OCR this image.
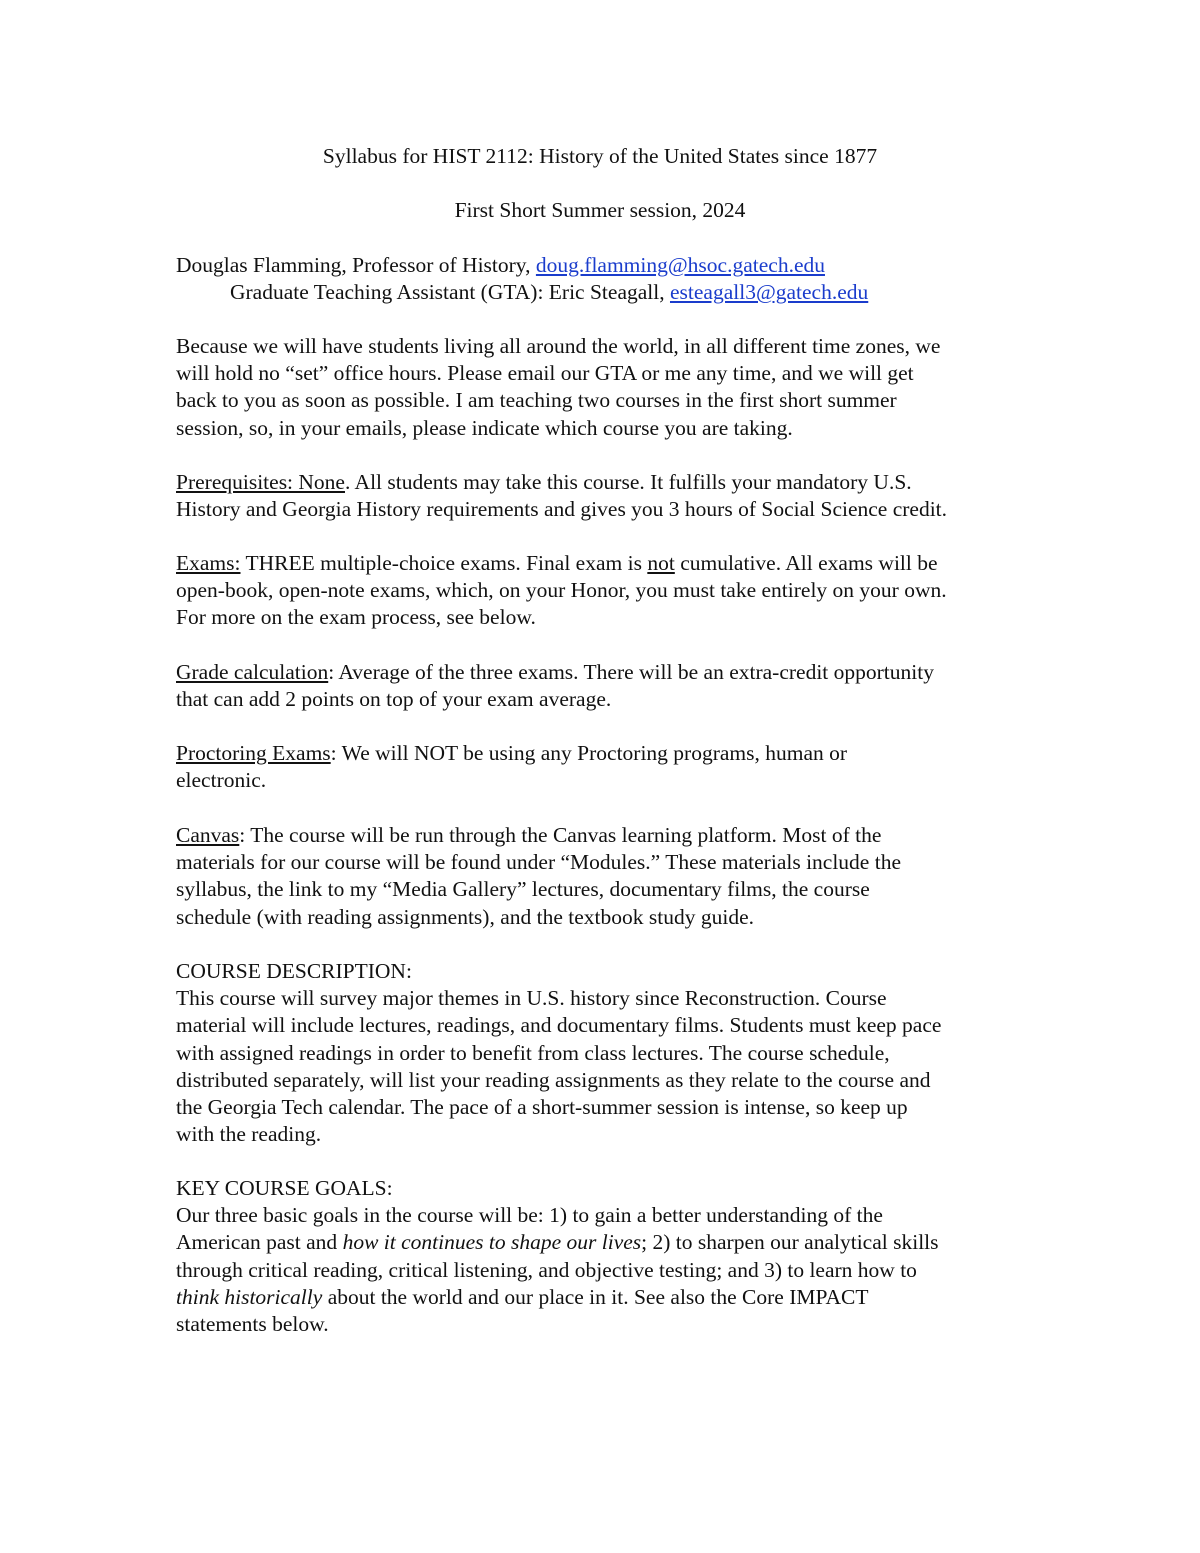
Syllabus for HIST 2112: History of the United States since 1877
First Short Summer session, 2024
Douglas Flamming, Professor of History, doug.flamming@hsoc.gatech.edu
Graduate Teaching Assistant (GTA): Eric Steagall, esteagall3@gatech.edu
Because we will have students living all around the world, in all different time zones, we
will hold no “set” office hours. Please email our GTA or me any time, and we will get
back to you as soon as possible. I am teaching two courses in the first short summer
session, so, in your emails, please indicate which course you are taking.
Prerequisites: None. All students may take this course. It fulfills your mandatory U.S.
History and Georgia History requirements and gives you 3 hours of Social Science credit.
Exams: THREE multiple-choice exams. Final exam is not cumulative. All exams will be
open-book, open-note exams, which, on your Honor, you must take entirely on your own.
For more on the exam process, see below.
Grade calculation: Average of the three exams. There will be an extra-credit opportunity
that can add 2 points on top of your exam average.
Proctoring Exams: We will NOT be using any Proctoring programs, human or
electronic.
Canvas: The course will be run through the Canvas learning platform. Most of the
materials for our course will be found under “Modules.” These materials include the
syllabus, the link to my “Media Gallery” lectures, documentary films, the course
schedule (with reading assignments), and the textbook study guide.
COURSE DESCRIPTION:
This course will survey major themes in U.S. history since Reconstruction. Course
material will include lectures, readings, and documentary films. Students must keep pace
with assigned readings in order to benefit from class lectures. The course schedule,
distributed separately, will list your reading assignments as they relate to the course and
the Georgia Tech calendar. The pace of a short-summer session is intense, so keep up
with the reading.
KEY COURSE GOALS:
Our three basic goals in the course will be: 1) to gain a better understanding of the
American past and how it continues to shape our lives; 2) to sharpen our analytical skills
through critical reading, critical listening, and objective testing; and 3) to learn how to
think historically about the world and our place in it. See also the Core IMPACT
statements below.
